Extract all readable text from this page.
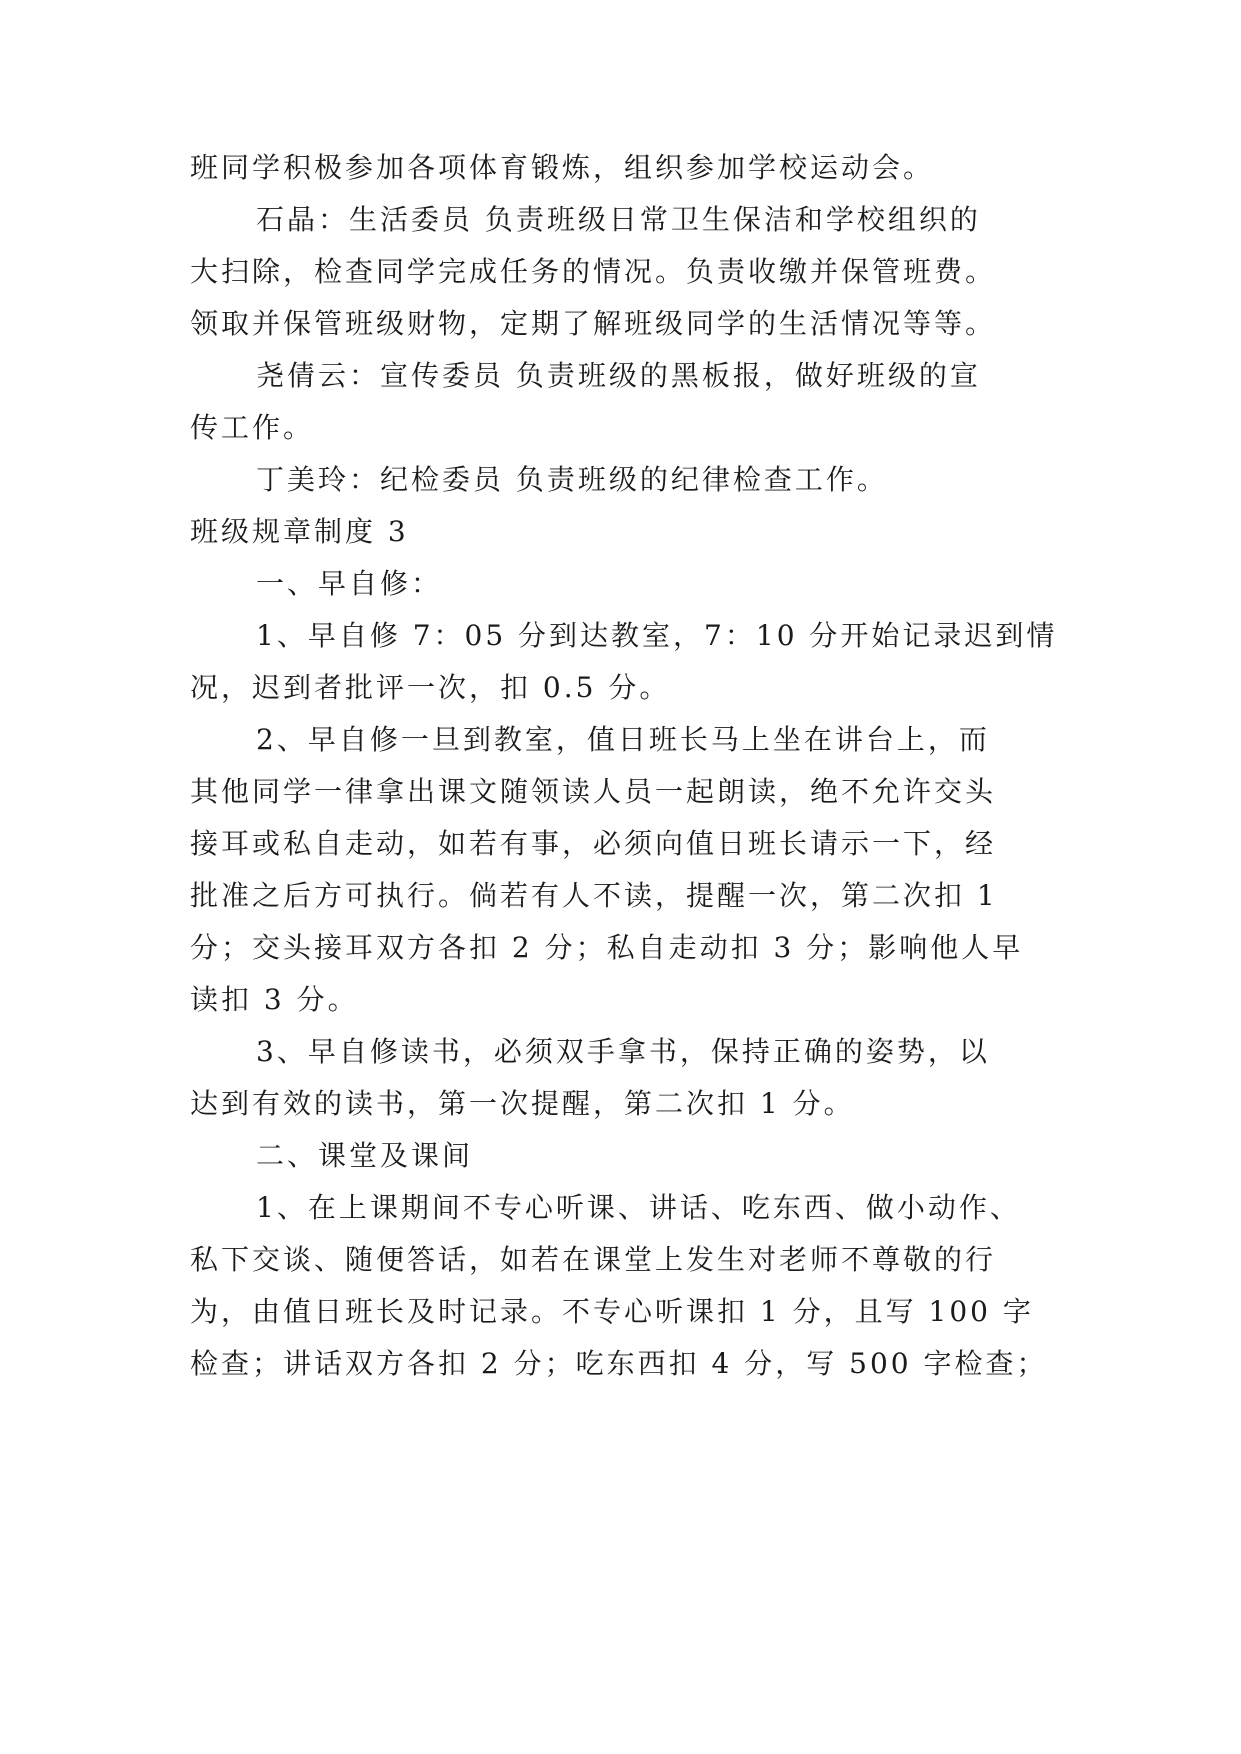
班同学积极参加各项体育锻炼，组织参加学校运动会。
石晶：生活委员 负责班级日常卫生保洁和学校组织的
大扫除，检查同学完成任务的情况。负责收缴并保管班费。
领取并保管班级财物，定期了解班级同学的生活情况等等。
尧倩云：宣传委员 负责班级的黑板报，做好班级的宣
传工作。
丁美玲：纪检委员 负责班级的纪律检查工作。
班级规章制度 3
一、早自修：
1、早自修 7：05 分到达教室，7：10 分开始记录迟到情
况，迟到者批评一次，扣 0.5 分。
2、早自修一旦到教室，值日班长马上坐在讲台上，而
其他同学一律拿出课文随领读人员一起朗读，绝不允许交头
接耳或私自走动，如若有事，必须向值日班长请示一下，经
批准之后方可执行。倘若有人不读，提醒一次，第二次扣 1
分；交头接耳双方各扣 2 分；私自走动扣 3 分；影响他人早
读扣 3 分。
3、早自修读书，必须双手拿书，保持正确的姿势，以
达到有效的读书，第一次提醒，第二次扣 1 分。
二、课堂及课间
1、在上课期间不专心听课、讲话、吃东西、做小动作、
私下交谈、随便答话，如若在课堂上发生对老师不尊敬的行
为，由值日班长及时记录。不专心听课扣 1 分，且写 100 字
检查；讲话双方各扣 2 分；吃东西扣 4 分，写 500 字检查；
